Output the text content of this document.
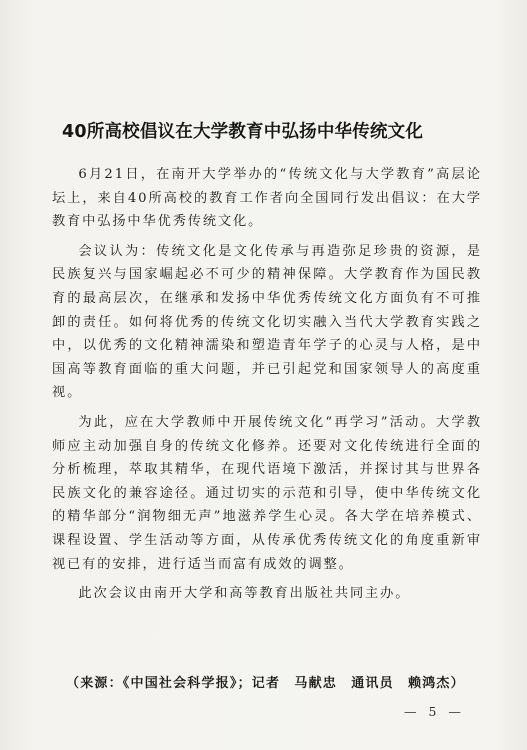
40所高校倡议在大学教育中弘扬中华传统文化

6月21日，在南开大学举办的“传统文化与大学教育”高层论坛上，来自40所高校的教育工作者向全国同行发出倡议：在大学教育中弘扬中华优秀传统文化。

会议认为：传统文化是文化传承与再造弥足珍贵的资源，是民族复兴与国家崛起必不可少的精神保障。大学教育作为国民教育的最高层次，在继承和发扬中华优秀传统文化方面负有不可推卸的责任。如何将优秀的传统文化切实融入当代大学教育实践之中，以优秀的文化精神濡染和塑造青年学子的心灵与人格，是中国高等教育面临的重大问题，并已引起党和国家领导人的高度重视。

为此，应在大学教师中开展传统文化“再学习”活动。大学教师应主动加强自身的传统文化修养。还要对文化传统进行全面的分析梳理，萃取其精华，在现代语境下激活，并探讨其与世界各民族文化的兼容途径。通过切实的示范和引导，使中华传统文化的精华部分“润物细无声”地滋养学生心灵。各大学在培养模式、课程设置、学生活动等方面，从传承优秀传统文化的角度重新审视已有的安排，进行适当而富有成效的调整。

此次会议由南开大学和高等教育出版社共同主办。

（来源：《中国社会科学报》；记者　马献忠　通讯员　赖鸿杰）
— 5 —
